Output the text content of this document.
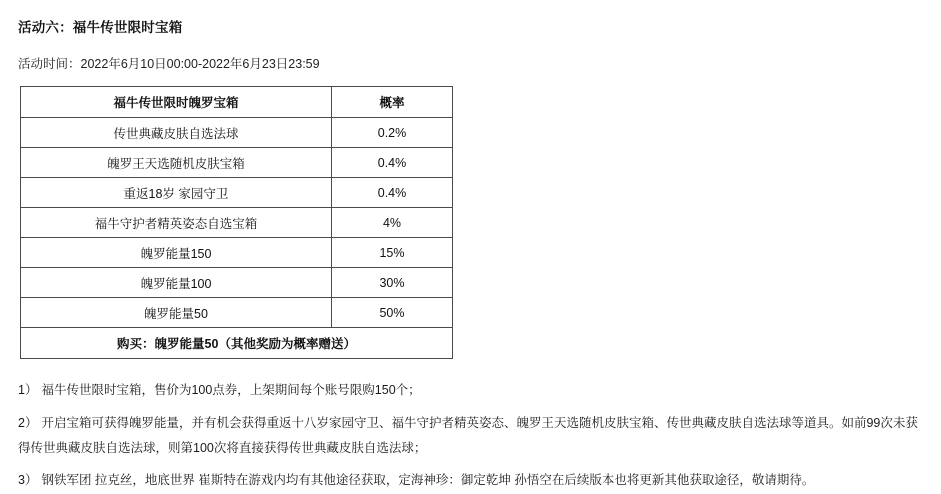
活动六：福牛传世限时宝箱
活动时间：2022年6月10日00:00-2022年6月23日23:59
福牛传世限时魄罗宝箱	概率
传世典藏皮肤自选法球	0.2%
魄罗王天选随机皮肤宝箱	0.4%
重返18岁 家园守卫	0.4%
福牛守护者精英姿态自选宝箱	4%
魄罗能量150	15%
魄罗能量100	30%
魄罗能量50	50%
购买：魄罗能量50（其他奖励为概率赠送）	

1） 福牛传世限时宝箱，售价为100点券，上架期间每个账号限购150个；

2） 开启宝箱可获得魄罗能量，并有机会获得重返十八岁家园守卫、福牛守护者精英姿态、魄罗王天选随机皮肤宝箱、传世典藏皮肤自选法球等道具。如前99次未获得传世典藏皮肤自选法球，则第100次将直接获得传世典藏皮肤自选法球；

3） 钢铁军团 拉克丝，地底世界 崔斯特在游戏内均有其他途径获取，定海神珍：御定乾坤 孙悟空在后续版本也将更新其他获取途径，敬请期待。
